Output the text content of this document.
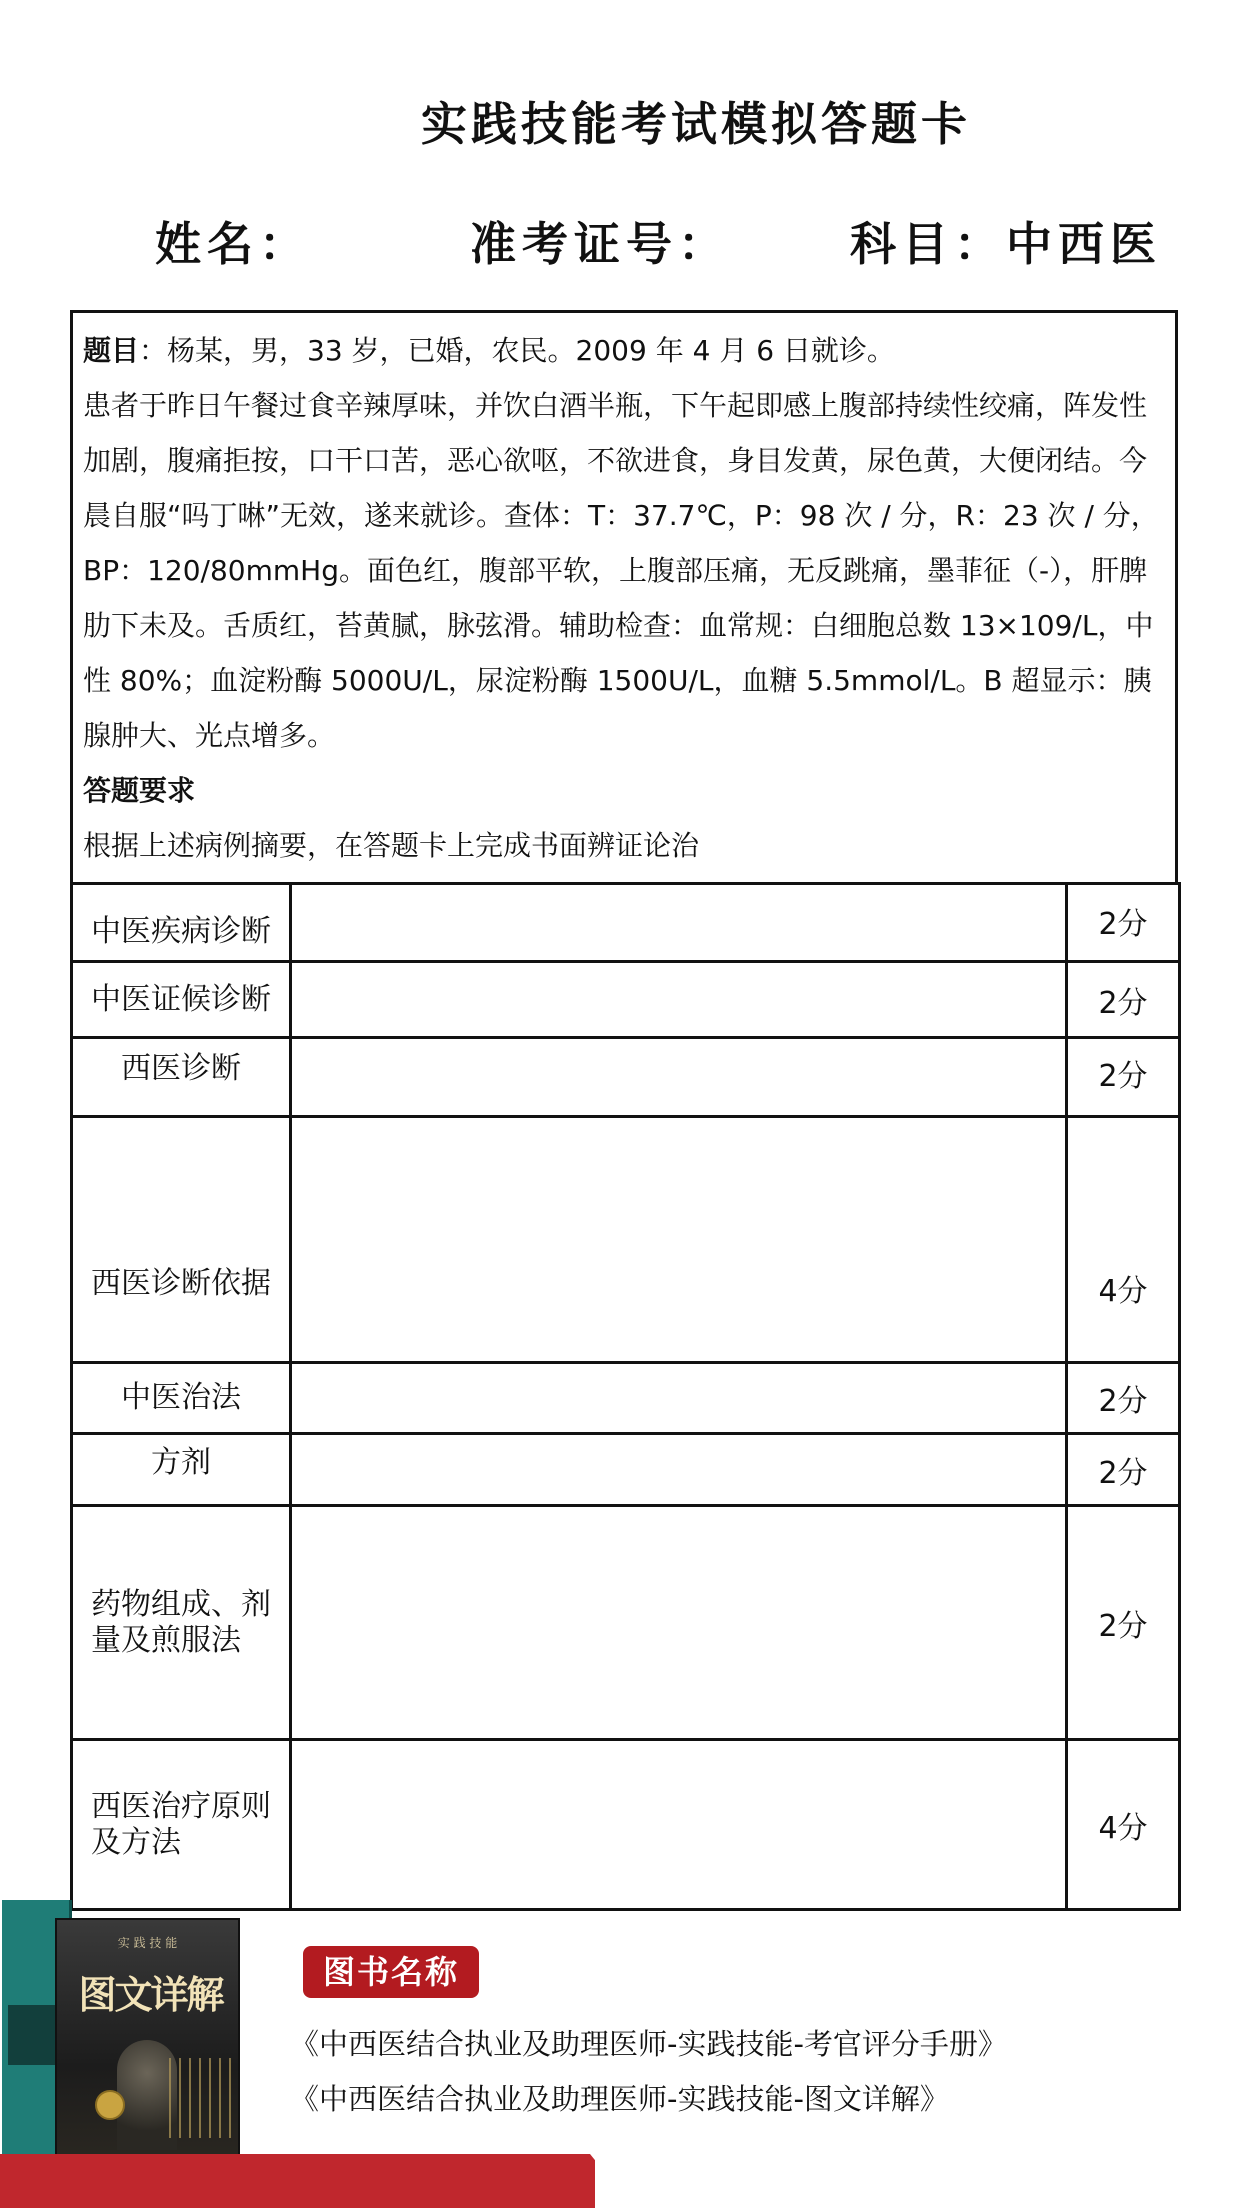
实践技能考试模拟答题卡
姓名：	准考证号：	科目：中西医

题目：杨某，男，33 岁，已婚，农民。2009 年 4 月 6 日就诊。

患者于昨日午餐过食辛辣厚味，并饮白酒半瓶，下午起即感上腹部持续性绞痛，阵发性加剧，腹痛拒按，口干口苦，恶心欲呕，不欲进食，身目发黄，尿色黄，大便闭结。今晨自服“吗丁啉”无效，遂来就诊。查体：T：37.7℃，P：98 次 / 分，R：23 次 / 分，BP：120/80mmHg。面色红，腹部平软，上腹部压痛，无反跳痛，墨菲征（-），肝脾肋下未及。舌质红，苔黄腻，脉弦滑。辅助检查：血常规：白细胞总数 13×109/L，中性 80%；血淀粉酶 5000U/L，尿淀粉酶 1500U/L，血糖 5.5mmol/L。B 超显示：胰腺肿大、光点增多。

答题要求

根据上述病例摘要，在答题卡上完成书面辨证论治

中医疾病诊断		2分
中医证候诊断		2分
西医诊断		2分
西医诊断依据		4分
中医治法		2分
方剂		2分
药物组成、剂量及煎服法		2分
西医治疗原则及方法		4分
实 践 技 能
图文详解	图书名称
《中西医结合执业及助理医师-实践技能-考官评分手册》
《中西医结合执业及助理医师-实践技能-图文详解》
